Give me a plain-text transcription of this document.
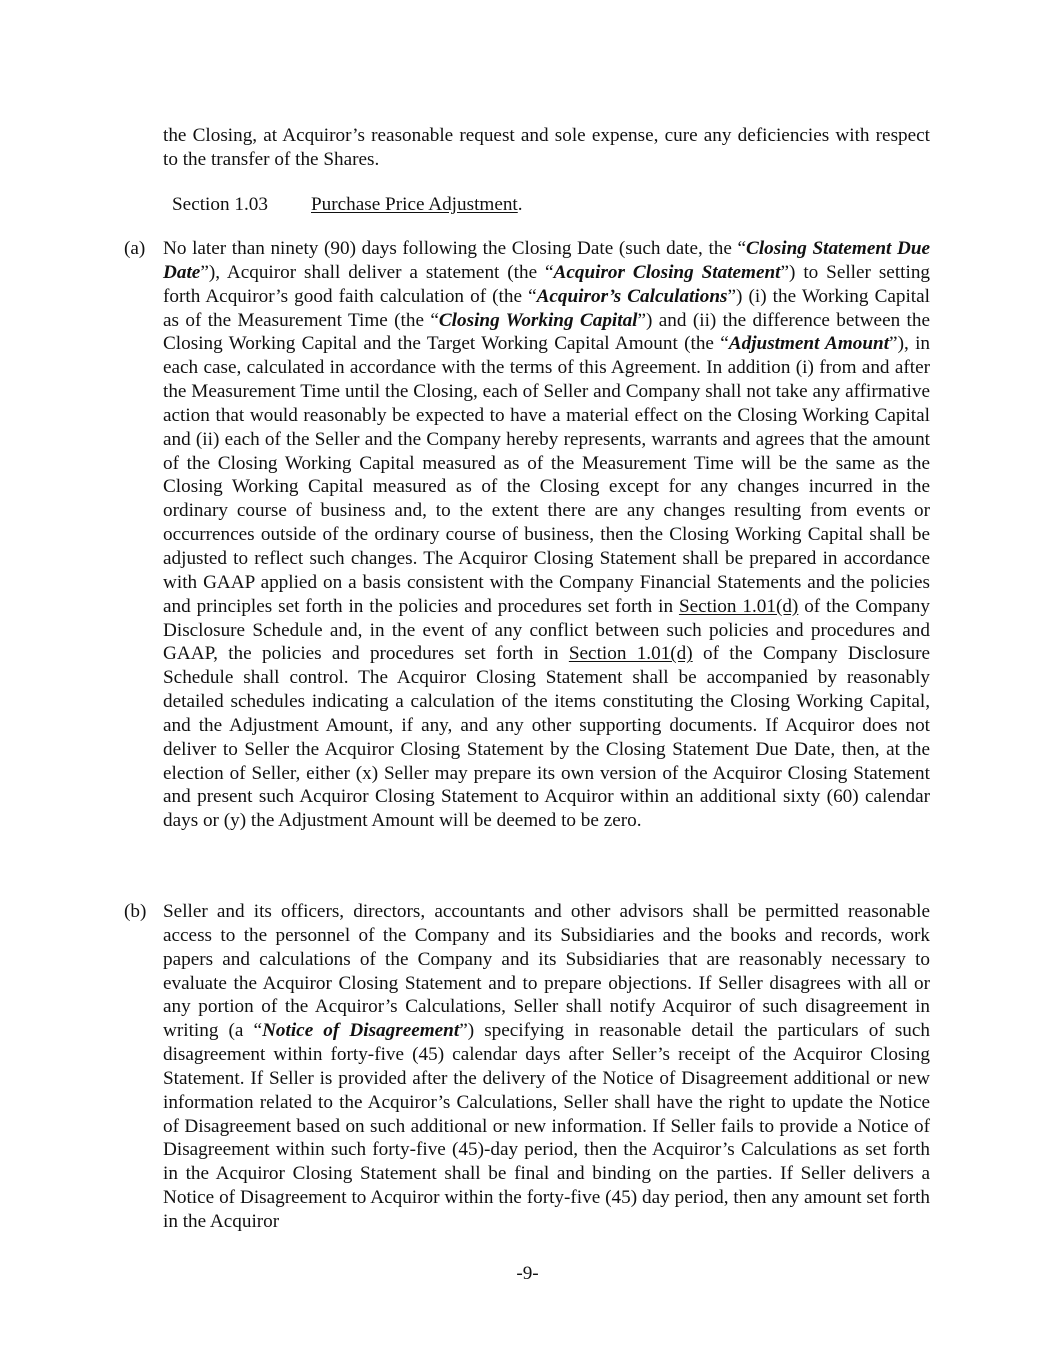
the Closing, at Acquiror’s reasonable request and sole expense, cure any deficiencies with respect to the transfer of the Shares.

Section 1.03 Purchase Price Adjustment.
(a) No later than ninety (90) days following the Closing Date (such date, the “Closing Statement Due Date”), Acquiror shall deliver a statement (the “Acquiror Closing Statement”) to Seller setting forth Acquiror’s good faith calculation of (the “Acquiror’s Calculations”) (i) the Working Capital as of the Measurement Time (the “Closing Working Capital”) and (ii) the difference between the Closing Working Capital and the Target Working Capital Amount (the “Adjustment Amount”), in each case, calculated in accordance with the terms of this Agreement. In addition (i) from and after the Measurement Time until the Closing, each of Seller and Company shall not take any affirmative action that would reasonably be expected to have a material effect on the Closing Working Capital and (ii) each of the Seller and the Company hereby represents, warrants and agrees that the amount of the Closing Working Capital measured as of the Measurement Time will be the same as the Closing Working Capital measured as of the Closing except for any changes incurred in the ordinary course of business and, to the extent there are any changes resulting from events or occurrences outside of the ordinary course of business, then the Closing Working Capital shall be adjusted to reflect such changes. The Acquiror Closing Statement shall be prepared in accordance with GAAP applied on a basis consistent with the Company Financial Statements and the policies and principles set forth in the policies and procedures set forth in Section 1.01(d) of the Company Disclosure Schedule and, in the event of any conflict between such policies and procedures and GAAP, the policies and procedures set forth in Section 1.01(d) of the Company Disclosure Schedule shall control. The Acquiror Closing Statement shall be accompanied by reasonably detailed schedules indicating a calculation of the items constituting the Closing Working Capital, and the Adjustment Amount, if any, and any other supporting documents. If Acquiror does not deliver to Seller the Acquiror Closing Statement by the Closing Statement Due Date, then, at the election of Seller, either (x) Seller may prepare its own version of the Acquiror Closing Statement and present such Acquiror Closing Statement to Acquiror within an additional sixty (60) calendar days or (y) the Adjustment Amount will be deemed to be zero.

(b) Seller and its officers, directors, accountants and other advisors shall be permitted reasonable access to the personnel of the Company and its Subsidiaries and the books and records, work papers and calculations of the Company and its Subsidiaries that are reasonably necessary to evaluate the Acquiror Closing Statement and to prepare objections. If Seller disagrees with all or any portion of the Acquiror’s Calculations, Seller shall notify Acquiror of such disagreement in writing (a “Notice of Disagreement”) specifying in reasonable detail the particulars of such disagreement within forty-five (45) calendar days after Seller’s receipt of the Acquiror Closing Statement. If Seller is provided after the delivery of the Notice of Disagreement additional or new information related to the Acquiror’s Calculations, Seller shall have the right to update the Notice of Disagreement based on such additional or new information. If Seller fails to provide a Notice of Disagreement within such forty-five (45)-day period, then the Acquiror’s Calculations as set forth in the Acquiror Closing Statement shall be final and binding on the parties. If Seller delivers a Notice of Disagreement to Acquiror within the forty-five (45) day period, then any amount set forth in the Acquiror

-9-
